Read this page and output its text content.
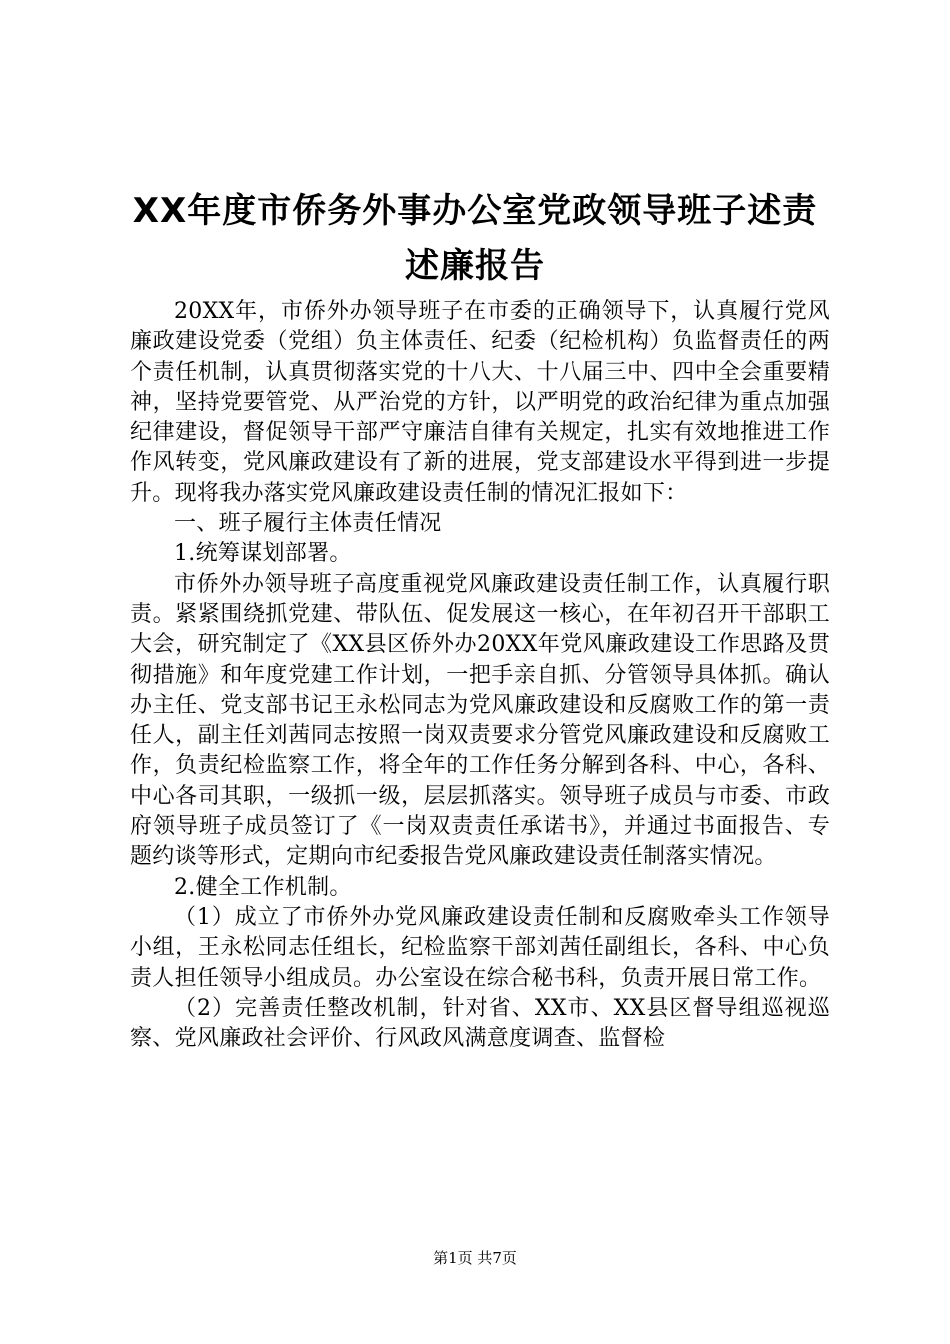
XX年度市侨务外事办公室党政领导班子述责
述廉报告

20XX年，市侨外办领导班子在市委的正确领导下，认真履行党风廉政建设党委（党组）负主体责任、纪委（纪检机构）负监督责任的两个责任机制，认真贯彻落实党的十八大、十八届三中、四中全会重要精神，坚持党要管党、从严治党的方针，以严明党的政治纪律为重点加强纪律建设，督促领导干部严守廉洁自律有关规定，扎实有效地推进工作作风转变，党风廉政建设有了新的进展，党支部建设水平得到进一步提升。现将我办落实党风廉政建设责任制的情况汇报如下：

一、班子履行主体责任情况

1.统筹谋划部署。

市侨外办领导班子高度重视党风廉政建设责任制工作，认真履行职责。紧紧围绕抓党建、带队伍、促发展这一核心，在年初召开干部职工大会，研究制定了《XX县区侨外办20XX年党风廉政建设工作思路及贯彻措施》和年度党建工作计划，一把手亲自抓、分管领导具体抓。确认办主任、党支部书记王永松同志为党风廉政建设和反腐败工作的第一责任人，副主任刘茜同志按照一岗双责要求分管党风廉政建设和反腐败工作，负责纪检监察工作，将全年的工作任务分解到各科、中心，各科、中心各司其职，一级抓一级，层层抓落实。领导班子成员与市委、市政府领导班子成员签订了《一岗双责责任承诺书》，并通过书面报告、专题约谈等形式，定期向市纪委报告党风廉政建设责任制落实情况。

2.健全工作机制。

（1）成立了市侨外办党风廉政建设责任制和反腐败牵头工作领导小组，王永松同志任组长，纪检监察干部刘茜任副组长，各科、中心负责人担任领导小组成员。办公室设在综合秘书科，负责开展日常工作。

（2）完善责任整改机制，针对省、XX市、XX县区督导组巡视巡察、党风廉政社会评价、行风政风满意度调查、监督检

第1页 共7页
